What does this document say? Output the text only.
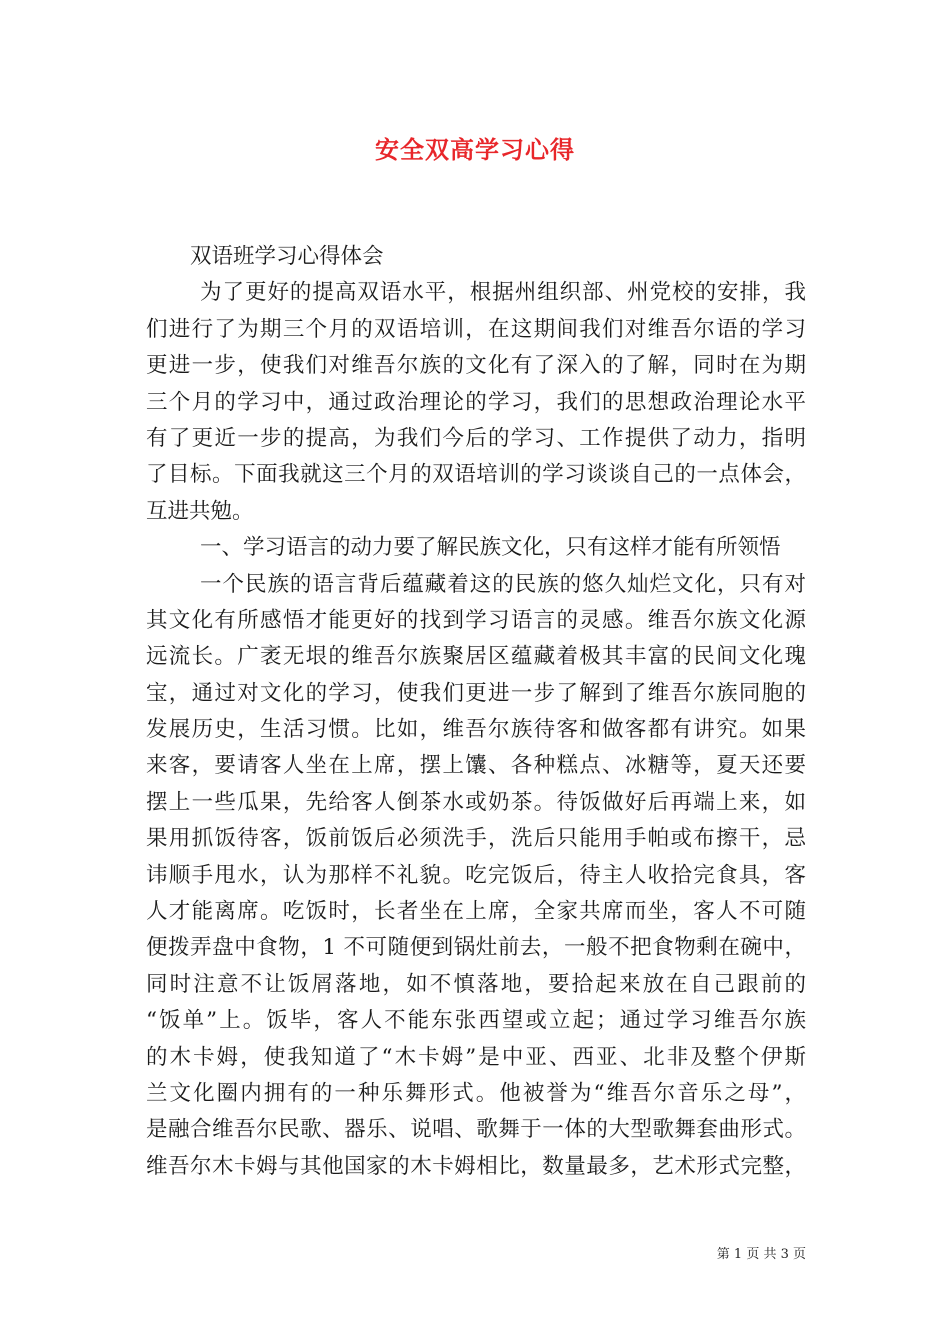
安全双高学习心得
双语班学习心得体会
为了更好的提高双语水平，根据州组织部、州党校的安排，我
们进行了为期三个月的双语培训，在这期间我们对维吾尔语的学习
更进一步，使我们对维吾尔族的文化有了深入的了解，同时在为期
三个月的学习中，通过政治理论的学习，我们的思想政治理论水平
有了更近一步的提高，为我们今后的学习、工作提供了动力，指明
了目标。下面我就这三个月的双语培训的学习谈谈自己的一点体会，
互进共勉。
一、学习语言的动力要了解民族文化，只有这样才能有所领悟
一个民族的语言背后蕴藏着这的民族的悠久灿烂文化，只有对
其文化有所感悟才能更好的找到学习语言的灵感。维吾尔族文化源
远流长。广袤无垠的维吾尔族聚居区蕴藏着极其丰富的民间文化瑰
宝，通过对文化的学习，使我们更进一步了解到了维吾尔族同胞的
发展历史，生活习惯。比如，维吾尔族待客和做客都有讲究。如果
来客，要请客人坐在上席，摆上馕、各种糕点、冰糖等，夏天还要
摆上一些瓜果，先给客人倒茶水或奶茶。待饭做好后再端上来，如
果用抓饭待客，饭前饭后必须洗手，洗后只能用手帕或布擦干，忌
讳顺手甩水，认为那样不礼貌。吃完饭后，待主人收拾完食具，客
人才能离席。吃饭时，长者坐在上席，全家共席而坐，客人不可随
便拨弄盘中食物，1 不可随便到锅灶前去，一般不把食物剩在碗中，
同时注意不让饭屑落地，如不慎落地，要拾起来放在自己跟前的
“饭单”上。饭毕，客人不能东张西望或立起；通过学习维吾尔族
的木卡姆，使我知道了“木卡姆”是中亚、西亚、北非及整个伊斯
兰文化圈内拥有的一种乐舞形式。他被誉为“维吾尔音乐之母”，
是融合维吾尔民歌、器乐、说唱、歌舞于一体的大型歌舞套曲形式。
维吾尔木卡姆与其他国家的木卡姆相比，数量最多，艺术形式完整，
第 1 页 共 3 页
